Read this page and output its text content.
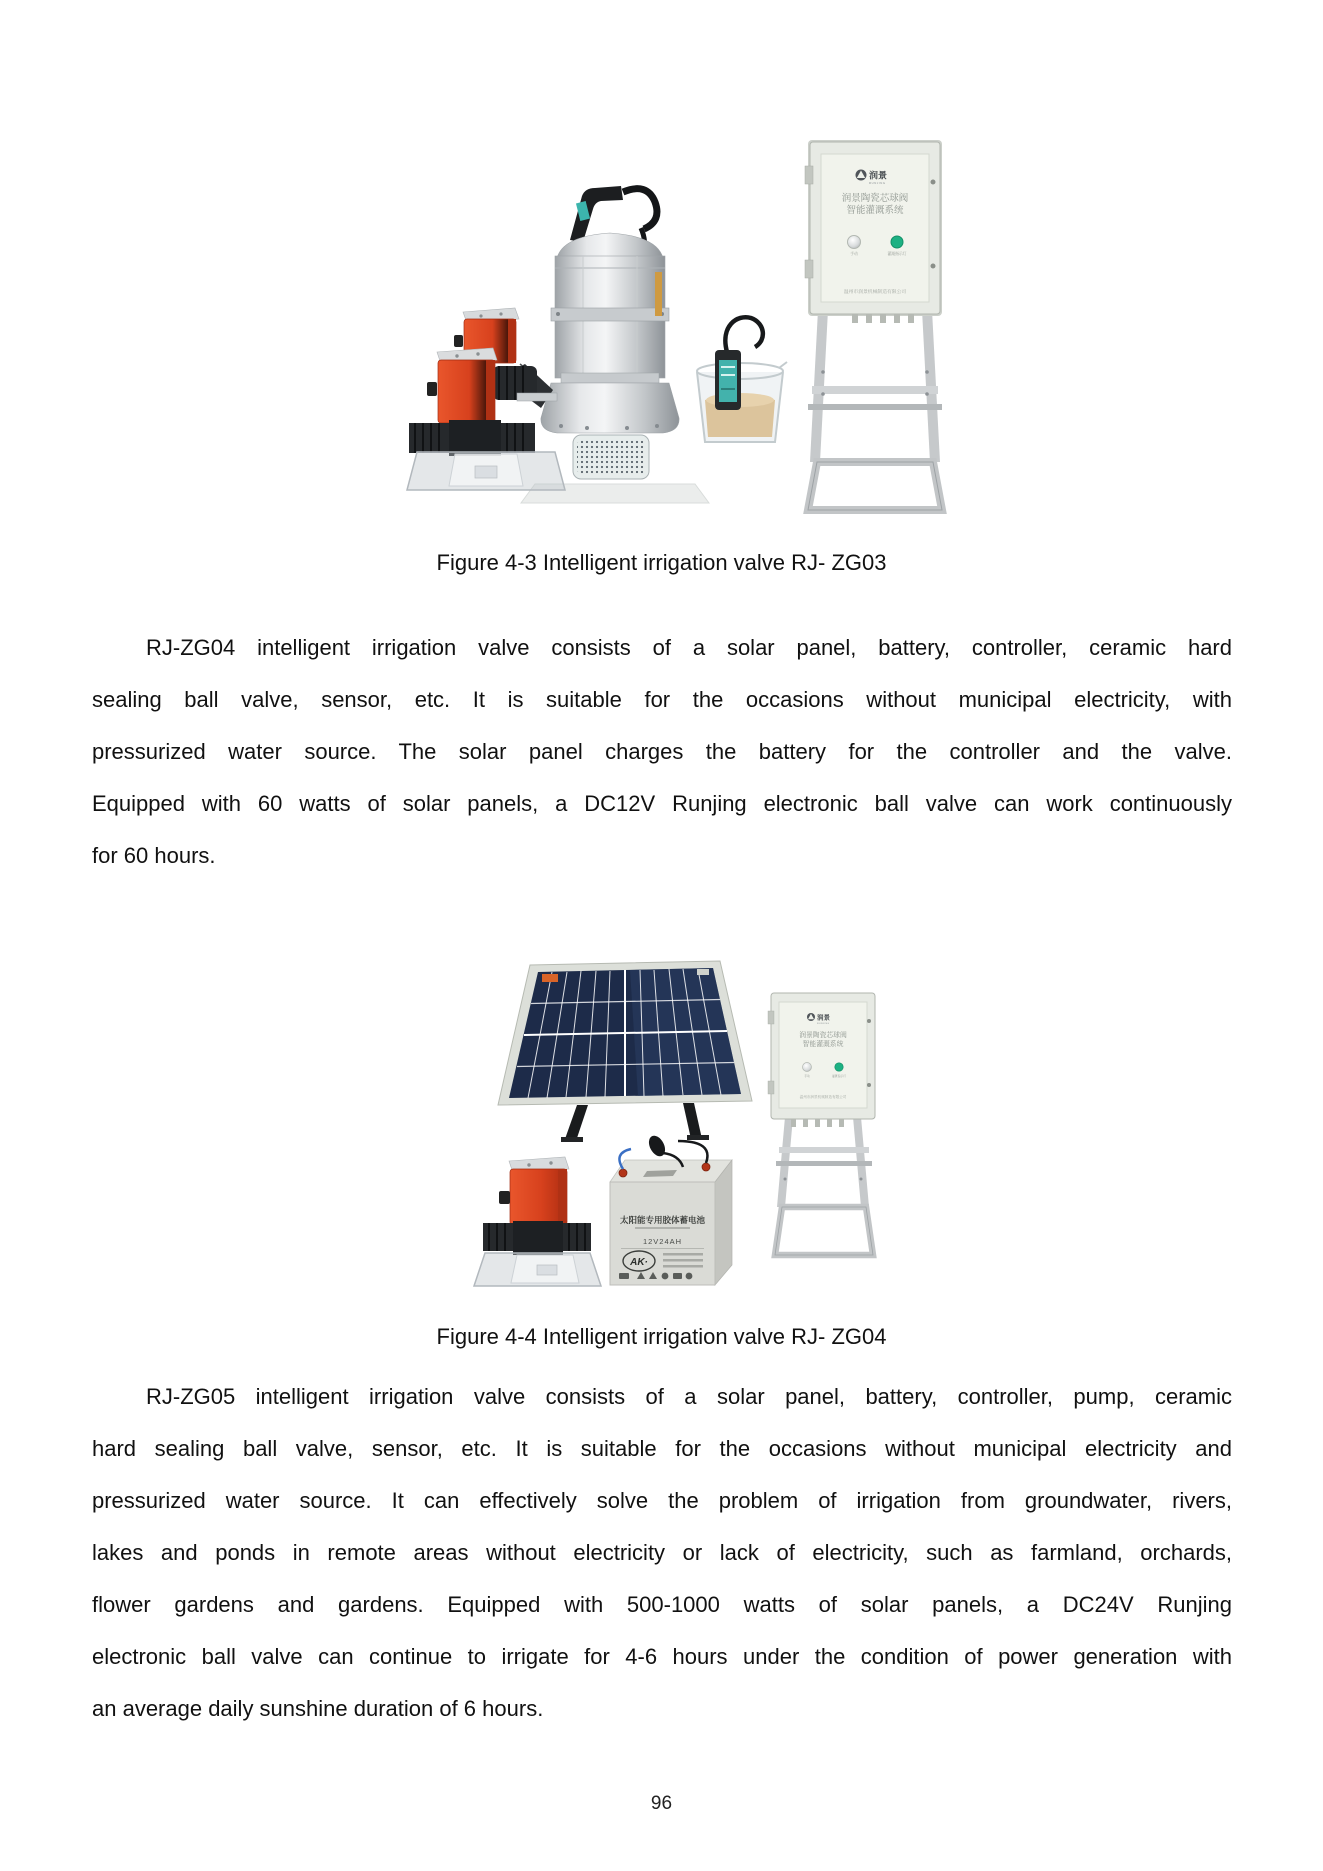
润景
RUNJING
润景陶瓷芯球阀
智能灌溉系统
手动	灌溉指示灯
温州市润景机械制造有限公司
Figure 4-3 Intelligent irrigation valve RJ- ZG03
RJ-ZG04 intelligent irrigation valve consists of a solar panel, battery, controller, ceramic hard
sealing ball valve, sensor, etc. It is suitable for the occasions without municipal electricity, with
pressurized water source. The solar panel charges the battery for the controller and the valve.
Equipped with 60 watts of solar panels, a DC12V Runjing electronic ball valve can work continuously
for 60 hours.
太阳能专用胶体蓄电池
12V24AH
AK·
润景
RUNJING
润景陶瓷芯球阀
智能灌溉系统
手动	灌溉指示灯
温州市润景机械制造有限公司
Figure 4-4 Intelligent irrigation valve RJ- ZG04
RJ-ZG05 intelligent irrigation valve consists of a solar panel, battery, controller, pump, ceramic
hard sealing ball valve, sensor, etc. It is suitable for the occasions without municipal electricity and
pressurized water source. It can effectively solve the problem of irrigation from groundwater, rivers,
lakes and ponds in remote areas without electricity or lack of electricity, such as farmland, orchards,
flower gardens and gardens. Equipped with 500-1000 watts of solar panels, a DC24V Runjing
electronic ball valve can continue to irrigate for 4-6 hours under the condition of power generation with
an average daily sunshine duration of 6 hours.
96
